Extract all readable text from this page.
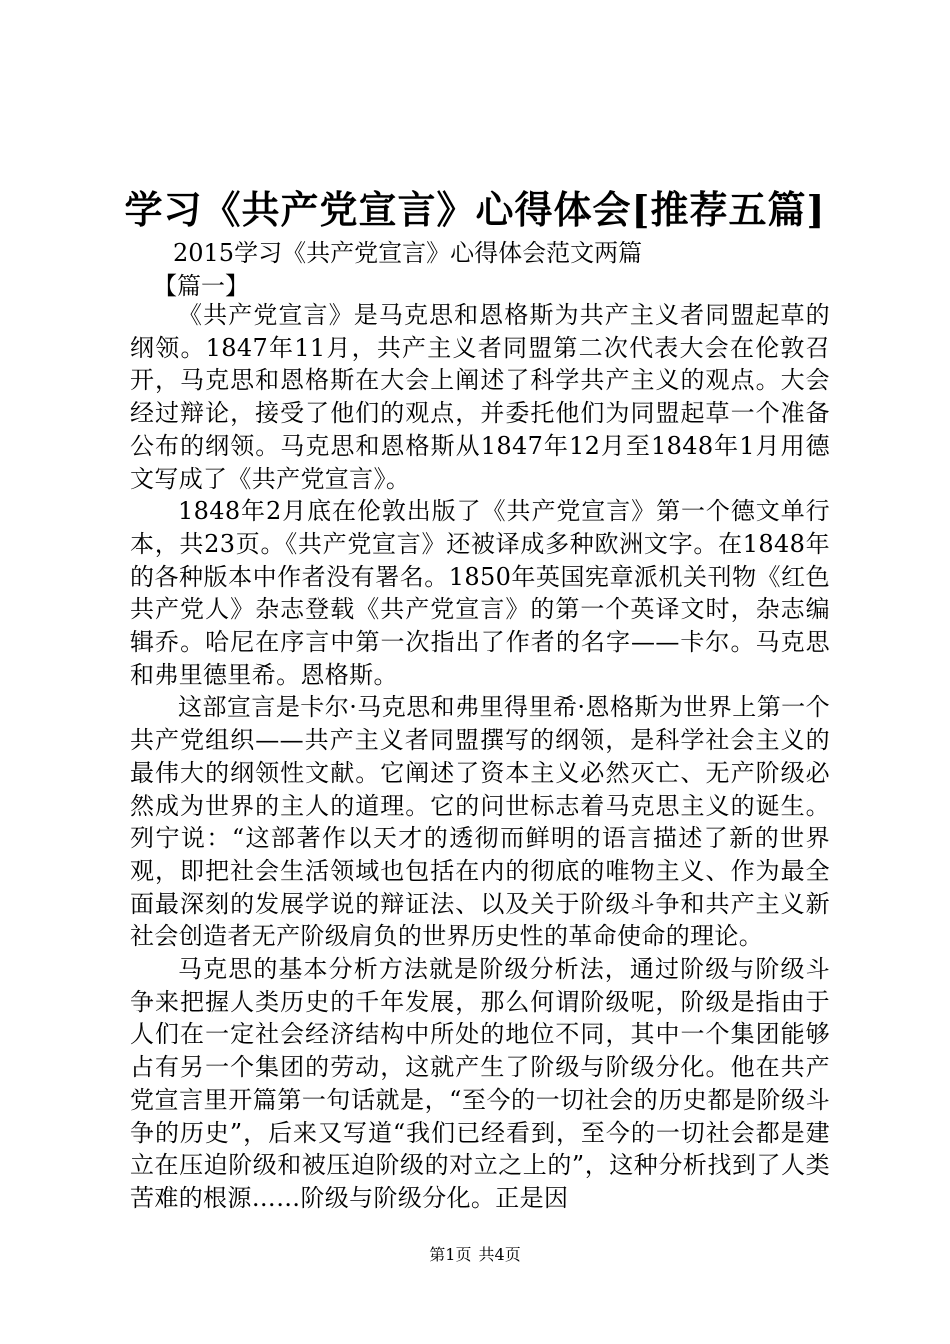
学习《共产党宣言》心得体会[推荐五篇]
2015学习《共产党宣言》心得体会范文两篇
【篇一】

《共产党宣言》是马克思和恩格斯为共产主义者同盟起草的纲领。1847年11月，共产主义者同盟第二次代表大会在伦敦召开，马克思和恩格斯在大会上阐述了科学共产主义的观点。大会经过辩论，接受了他们的观点，并委托他们为同盟起草一个准备公布的纲领。马克思和恩格斯从1847年12月至1848年1月用德文写成了《共产党宣言》。

1848年2月底在伦敦出版了《共产党宣言》第一个德文单行本，共23页。《共产党宣言》还被译成多种欧洲文字。在1848年的各种版本中作者没有署名。1850年英国宪章派机关刊物《红色共产党人》杂志登载《共产党宣言》的第一个英译文时，杂志编辑乔。哈尼在序言中第一次指出了作者的名字——卡尔。马克思和弗里德里希。恩格斯。

这部宣言是卡尔·马克思和弗里得里希·恩格斯为世界上第一个共产党组织——共产主义者同盟撰写的纲领，是科学社会主义的最伟大的纲领性文献。它阐述了资本主义必然灭亡、无产阶级必然成为世界的主人的道理。它的问世标志着马克思主义的诞生。列宁说：“这部著作以天才的透彻而鲜明的语言描述了新的世界观，即把社会生活领域也包括在内的彻底的唯物主义、作为最全面最深刻的发展学说的辩证法、以及关于阶级斗争和共产主义新社会创造者无产阶级肩负的世界历史性的革命使命的理论。

马克思的基本分析方法就是阶级分析法，通过阶级与阶级斗争来把握人类历史的千年发展，那么何谓阶级呢，阶级是指由于人们在一定社会经济结构中所处的地位不同，其中一个集团能够占有另一个集团的劳动，这就产生了阶级与阶级分化。他在共产党宣言里开篇第一句话就是，“至今的一切社会的历史都是阶级斗争的历史”，后来又写道“我们已经看到，至今的一切社会都是建立在压迫阶级和被压迫阶级的对立之上的”，这种分析找到了人类苦难的根源……阶级与阶级分化。正是因

第1页 共4页
